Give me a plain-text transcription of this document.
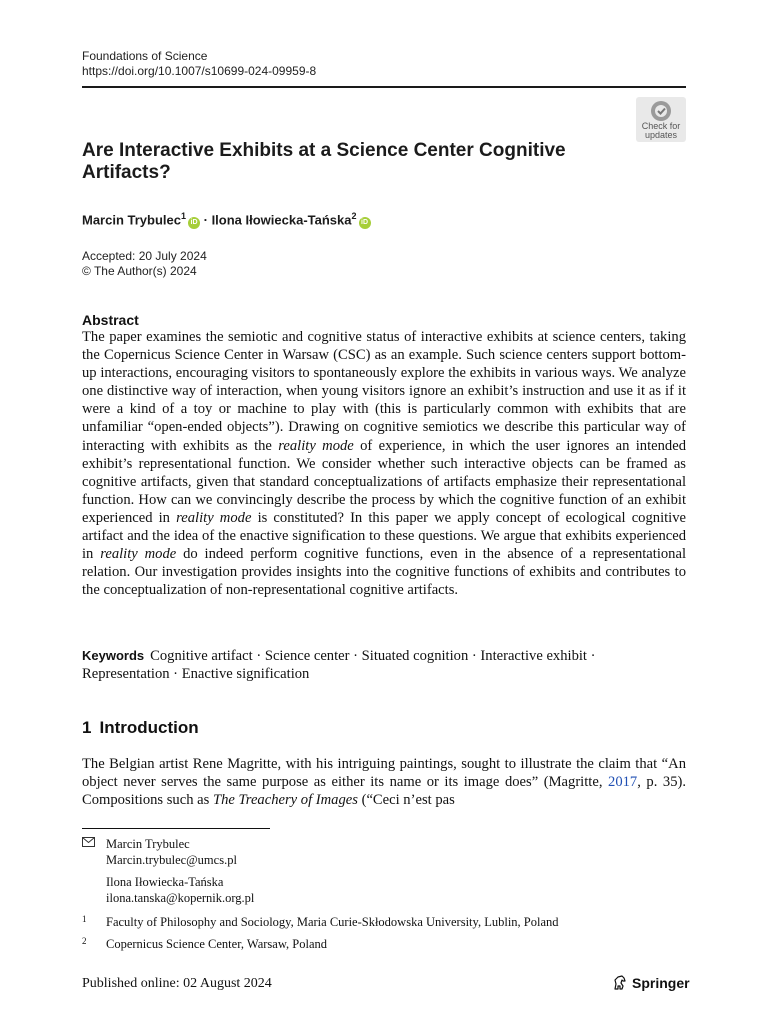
Foundations of Science
https://doi.org/10.1007/s10699-024-09959-8
Check for
updates
Are Interactive Exhibits at a Science Center Cognitive Artifacts?
Marcin Trybulec$^1$iD · Ilona Iłowiecka-Tańska$^2$iD
Accepted: 20 July 2024
© The Author(s) 2024
Abstract
The paper examines the semiotic and cognitive status of interactive exhibits at science centers, taking the Copernicus Science Center in Warsaw (CSC) as an example. Such science centers support bottom-up interactions, encouraging visitors to spontaneously explore the exhibits in various ways. We analyze one distinctive way of interaction, when young visitors ignore an exhibit’s instruction and use it as if it were a kind of a toy or machine to play with (this is particularly common with exhibits that are unfamiliar “open-ended objects”). Drawing on cognitive semiotics we describe this particular way of interacting with exhibits as the reality mode of experience, in which the user ignores an intended exhibit’s representational function. We consider whether such interactive objects can be framed as cognitive artifacts, given that standard conceptualizations of artifacts emphasize their representational function. How can we convincingly describe the process by which the cognitive function of an exhibit experienced in reality mode is constituted? In this paper we apply concept of ecological cognitive artifact and the idea of the enactive signification to these questions. We argue that exhibits experienced in reality mode do indeed perform cognitive functions, even in the absence of a representational relation. Our investigation provides insights into the cognitive functions of exhibits and contributes to the conceptualization of non-representational cognitive artifacts.
Keywords Cognitive artifact · Science center · Situated cognition · Interactive exhibit · Representation · Enactive signification
1 Introduction
The Belgian artist Rene Magritte, with his intriguing paintings, sought to illustrate the claim that “An object never serves the same purpose as either its name or its image does” (Magritte, 2017, p. 35). Compositions such as The Treachery of Images (“Ceci n’est pas
Marcin Trybulec
Marcin.trybulec@umcs.pl
Ilona Iłowiecka-Tańska
ilona.tanska@kopernik.org.pl
1 Faculty of Philosophy and Sociology, Maria Curie-Skłodowska University, Lublin, Poland
2 Copernicus Science Center, Warsaw, Poland
Published online: 02 August 2024	Springer
